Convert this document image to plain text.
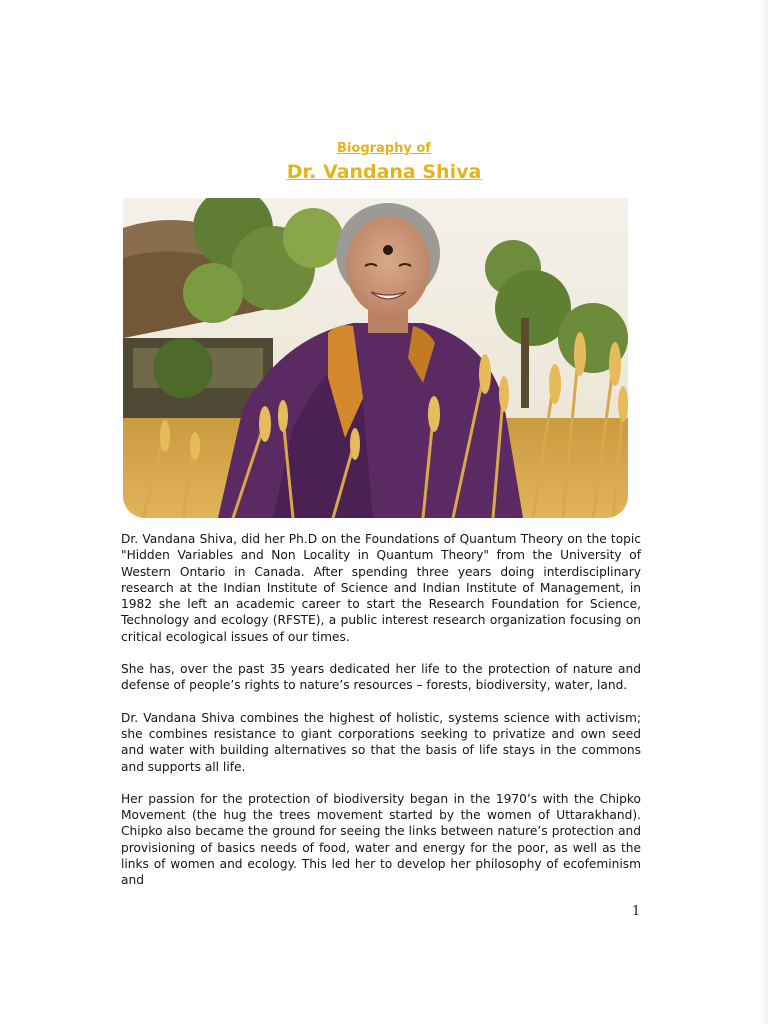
Biography of
Dr. Vandana Shiva

Dr. Vandana Shiva, did her Ph.D on the Foundations of Quantum Theory on the topic "Hidden Variables and Non Locality in Quantum Theory" from the University of Western Ontario in Canada. After spending three years doing interdisciplinary research at the Indian Institute of Science and Indian Institute of Management, in 1982 she left an academic career to start the Research Foundation for Science, Technology and ecology (RFSTE), a public interest research organization focusing on critical ecological issues of our times.

She has, over the past 35 years dedicated her life to the protection of nature and defense of people’s rights to nature’s resources – forests, biodiversity, water, land.

Dr. Vandana Shiva combines the highest of holistic, systems science with activism; she combines resistance to giant corporations seeking to privatize and own seed and water with building alternatives so that the basis of life stays in the commons and supports all life.

Her passion for the protection of biodiversity began in the 1970’s with the Chipko Movement (the hug the trees movement started by the women of Uttarakhand). Chipko also became the ground for seeing the links between nature’s protection and provisioning of basics needs of food, water and energy for the poor, as well as the links of women and ecology. This led her to develop her philosophy of ecofeminism and

1
